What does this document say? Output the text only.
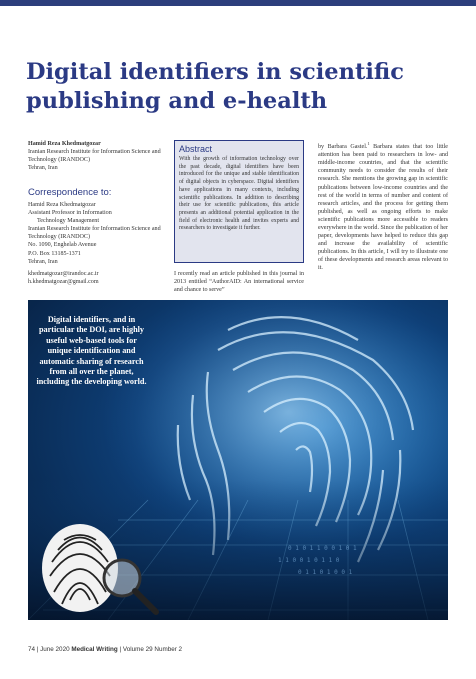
Digital identifiers in scientific publishing and e-health
Hamid Reza Khedmatgozar
Iranian Research Institute for Information Science and Technology (IRANDOC)
Tehran, Iran
Correspondence to:
Hamid Reza Khedmatgozar
Assistant Professor in Information
Technology Management
Iranian Research Institute for Information Science and Technology (IRANDOC)
No. 1090, Enghelab Avenue
P.O. Box 13185-1371
Tehran, Iran
khedmatgozar@irandoc.ac.ir
h.khedmatgozar@gmail.com
Abstract
With the growth of information technology over the past decade, digital identifiers have been introduced for the unique and stable identification of digital objects in cyberspace. Digital identifiers have applications in many contexts, including scientific publications. In addition to describing their use for scientific publications, this article presents an additional potential application in the field of electronic health and invites experts and researchers to investigate it further.
I recently read an article published in this journal in 2013 entitled “AuthorAID: An international service and chance to serve”
by Barbara Gastel.$^1$ Barbara states that too little attention has been paid to researchers in low- and middle-income countries, and that the scientific community needs to consider the results of their research. She mentions the growing gap in scientific publications between low-income countries and the rest of the world in terms of number and content of research articles, and the process for getting them published, as well as ongoing efforts to make scientific publications more accessible to readers everywhere in the world. Since the publication of her paper, developments have helped to reduce this gap and increase the availability of scientific publications. In this article, I will try to illustrate one of these developments and research areas relevant to it.
0 1 0 1 1 0 0 1 0 1
1 1 0 0 1 0 1 1 0
0 1 1 0 1 0 0 1
Digital identifiers, and in particular the DOI, are highly useful web-based tools for unique identification and automatic sharing of research from all over the planet, including the developing world.
74 | June 2020 Medical Writing | Volume 29 Number 2
